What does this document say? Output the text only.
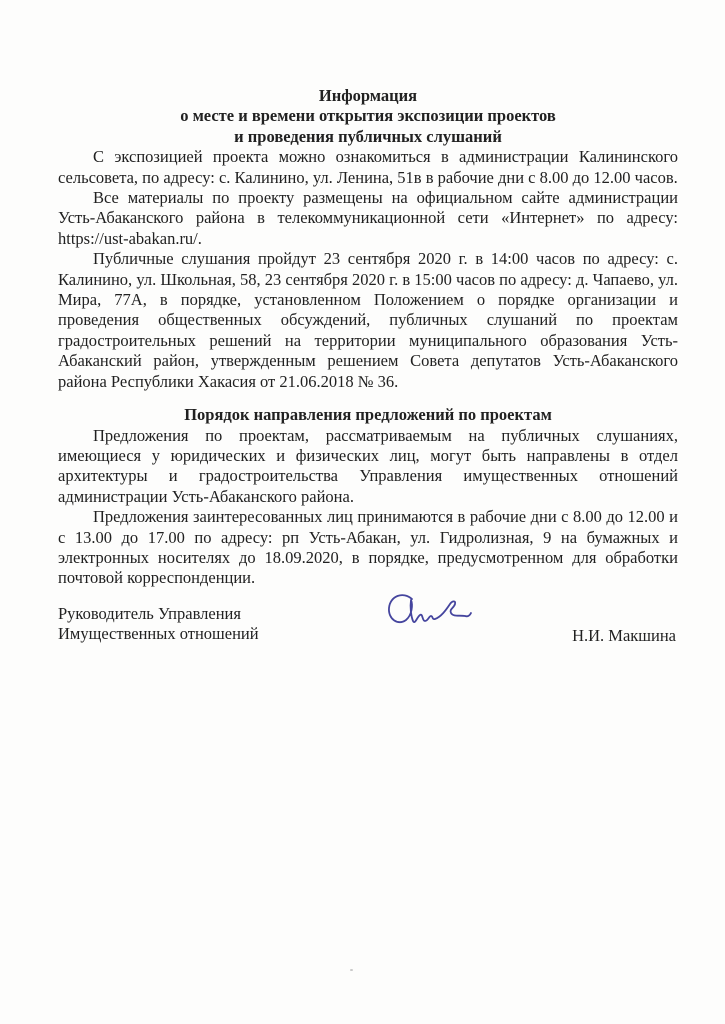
Информация
о месте и времени открытия экспозиции проектов
и проведения публичных слушаний

С экспозицией проекта можно ознакомиться в администрации Калининского сельсовета, по адресу: с. Калинино, ул. Ленина, 51в в рабочие дни с 8.00 до 12.00 часов.

Все материалы по проекту размещены на официальном сайте администрации Усть-Абаканского района в телекоммуникационной сети «Интернет» по адресу: https://ust-abakan.ru/.

Публичные слушания пройдут 23 сентября 2020 г. в 14:00 часов по адресу: с. Калинино, ул. Школьная, 58, 23 сентября 2020 г. в 15:00 часов по адресу: д. Чапаево, ул. Мира, 77А, в порядке, установленном Положением о порядке организации и проведения общественных обсуждений, публичных слушаний по проектам градостроительных решений на территории муниципального образования Усть-Абаканский район, утвержденным решением Совета депутатов Усть-Абаканского района Республики Хакасия от 21.06.2018 № 36.

Порядок направления предложений по проектам

Предложения по проектам, рассматриваемым на публичных слушаниях, имеющиеся у юридических и физических лиц, могут быть направлены в отдел архитектуры и градостроительства Управления имущественных отношений администрации Усть-Абаканского района.

Предложения заинтересованных лиц принимаются в рабочие дни с 8.00 до 12.00 и с 13.00 до 17.00 по адресу: рп Усть-Абакан, ул. Гидролизная, 9 на бумажных и электронных носителях до 18.09.2020, в порядке, предусмотренном для обработки почтовой корреспонденции.

Руководитель Управления
Имущественных отношений	Н.И. Макшина
